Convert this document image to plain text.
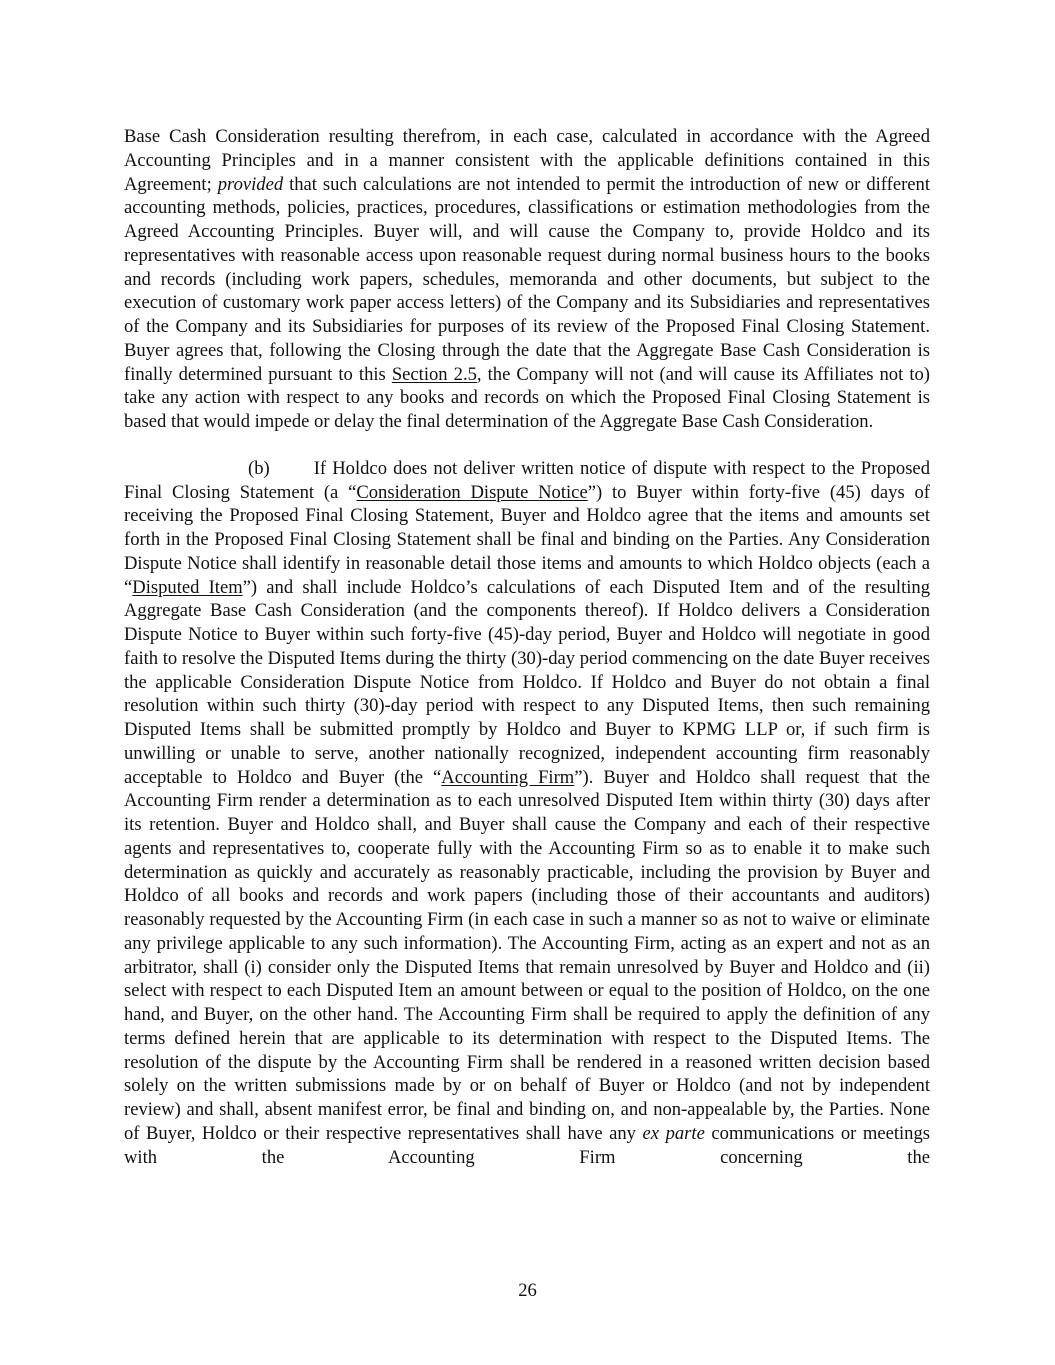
Base Cash Consideration resulting therefrom, in each case, calculated in accordance with the Agreed Accounting Principles and in a manner consistent with the applicable definitions contained in this Agreement; provided that such calculations are not intended to permit the introduction of new or different accounting methods, policies, practices, procedures, classifications or estimation methodologies from the Agreed Accounting Principles. Buyer will, and will cause the Company to, provide Holdco and its representatives with reasonable access upon reasonable request during normal business hours to the books and records (including work papers, schedules, memoranda and other documents, but subject to the execution of customary work paper access letters) of the Company and its Subsidiaries and representatives of the Company and its Subsidiaries for purposes of its review of the Proposed Final Closing Statement. Buyer agrees that, following the Closing through the date that the Aggregate Base Cash Consideration is finally determined pursuant to this Section 2.5, the Company will not (and will cause its Affiliates not to) take any action with respect to any books and records on which the Proposed Final Closing Statement is based that would impede or delay the final determination of the Aggregate Base Cash Consideration.

(b) If Holdco does not deliver written notice of dispute with respect to the Proposed Final Closing Statement (a “Consideration Dispute Notice”) to Buyer within forty-five (45) days of receiving the Proposed Final Closing Statement, Buyer and Holdco agree that the items and amounts set forth in the Proposed Final Closing Statement shall be final and binding on the Parties. Any Consideration Dispute Notice shall identify in reasonable detail those items and amounts to which Holdco objects (each a “Disputed Item”) and shall include Holdco’s calculations of each Disputed Item and of the resulting Aggregate Base Cash Consideration (and the components thereof). If Holdco delivers a Consideration Dispute Notice to Buyer within such forty-five (45)-day period, Buyer and Holdco will negotiate in good faith to resolve the Disputed Items during the thirty (30)-day period commencing on the date Buyer receives the applicable Consideration Dispute Notice from Holdco. If Holdco and Buyer do not obtain a final resolution within such thirty (30)-day period with respect to any Disputed Items, then such remaining Disputed Items shall be submitted promptly by Holdco and Buyer to KPMG LLP or, if such firm is unwilling or unable to serve, another nationally recognized, independent accounting firm reasonably acceptable to Holdco and Buyer (the “Accounting Firm”). Buyer and Holdco shall request that the Accounting Firm render a determination as to each unresolved Disputed Item within thirty (30) days after its retention. Buyer and Holdco shall, and Buyer shall cause the Company and each of their respective agents and representatives to, cooperate fully with the Accounting Firm so as to enable it to make such determination as quickly and accurately as reasonably practicable, including the provision by Buyer and Holdco of all books and records and work papers (including those of their accountants and auditors) reasonably requested by the Accounting Firm (in each case in such a manner so as not to waive or eliminate any privilege applicable to any such information). The Accounting Firm, acting as an expert and not as an arbitrator, shall (i) consider only the Disputed Items that remain unresolved by Buyer and Holdco and (ii) select with respect to each Disputed Item an amount between or equal to the position of Holdco, on the one hand, and Buyer, on the other hand. The Accounting Firm shall be required to apply the definition of any terms defined herein that are applicable to its determination with respect to the Disputed Items. The resolution of the dispute by the Accounting Firm shall be rendered in a reasoned written decision based solely on the written submissions made by or on behalf of Buyer or Holdco (and not by independent review) and shall, absent manifest error, be final and binding on, and non-appealable by, the Parties. None of Buyer, Holdco or their respective representatives shall have any ex parte communications or meetings with the Accounting Firm concerning the

26
